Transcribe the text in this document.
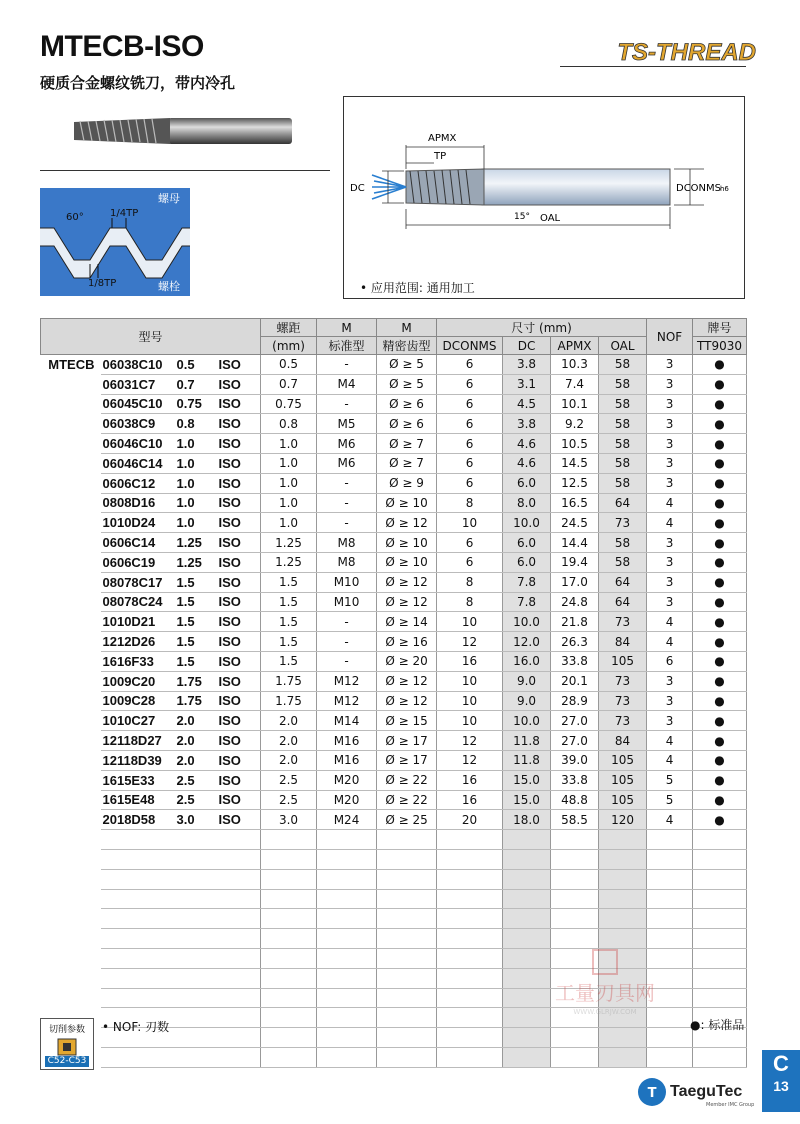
MTECB-ISO
硬质合金螺纹铣刀，带内冷孔
TS-THREAD
螺母
螺栓
60°	1/4TP
1/8TP
APMX
TP
DC	DCONMS
h6
15° OAL
• 应用范围: 通用加工
型号		螺距	M	M	尺寸 (mm)				NOF	牌号
		(mm)	标准型	精密齿型	DCONMS	DC	APMX	OAL		TT9030
MTECB	06038C10 0.5 ISO	0.5	-	Ø ≥ 5	6	3.8	10.3	58	3	●
	06031C7 0.7 ISO	0.7	M4	Ø ≥ 5	6	3.1	7.4	58	3	●
	06045C10 0.75 ISO	0.75	-	Ø ≥ 6	6	4.5	10.1	58	3	●
	06038C9 0.8 ISO	0.8	M5	Ø ≥ 6	6	3.8	9.2	58	3	●
	06046C10 1.0 ISO	1.0	M6	Ø ≥ 7	6	4.6	10.5	58	3	●
	06046C14 1.0 ISO	1.0	M6	Ø ≥ 7	6	4.6	14.5	58	3	●
	0606C12 1.0 ISO	1.0	-	Ø ≥ 9	6	6.0	12.5	58	3	●
	0808D16 1.0 ISO	1.0	-	Ø ≥ 10	8	8.0	16.5	64	4	●
	1010D24 1.0 ISO	1.0	-	Ø ≥ 12	10	10.0	24.5	73	4	●
	0606C14 1.25 ISO	1.25	M8	Ø ≥ 10	6	6.0	14.4	58	3	●
	0606C19 1.25 ISO	1.25	M8	Ø ≥ 10	6	6.0	19.4	58	3	●
	08078C17 1.5 ISO	1.5	M10	Ø ≥ 12	8	7.8	17.0	64	3	●
	08078C24 1.5 ISO	1.5	M10	Ø ≥ 12	8	7.8	24.8	64	3	●
	1010D21 1.5 ISO	1.5	-	Ø ≥ 14	10	10.0	21.8	73	4	●
	1212D26 1.5 ISO	1.5	-	Ø ≥ 16	12	12.0	26.3	84	4	●
	1616F33 1.5 ISO	1.5	-	Ø ≥ 20	16	16.0	33.8	105	6	●
	1009C20 1.75 ISO	1.75	M12	Ø ≥ 12	10	9.0	20.1	73	3	●
	1009C28 1.75 ISO	1.75	M12	Ø ≥ 12	10	9.0	28.9	73	3	●
	1010C27 2.0 ISO	2.0	M14	Ø ≥ 15	10	10.0	27.0	73	3	●
	12118D27 2.0 ISO	2.0	M16	Ø ≥ 17	12	11.8	27.0	84	4	●
	12118D39 2.0 ISO	2.0	M16	Ø ≥ 17	12	11.8	39.0	105	4	●
	1615E33 2.5 ISO	2.5	M20	Ø ≥ 22	16	15.0	33.8	105	5	●
	1615E48 2.5 ISO	2.5	M20	Ø ≥ 22	16	15.0	48.8	105	5	●
	2018D58 3.0 ISO	3.0	M24	Ø ≥ 25	20	18.0	58.5	120	4	●

切削参数
C52-C53
• NOF: 刃数	●: 标准品
工量刃具网
WWW.GLRJW.COM
T TaeguTec
Member IMC Group
C
13
